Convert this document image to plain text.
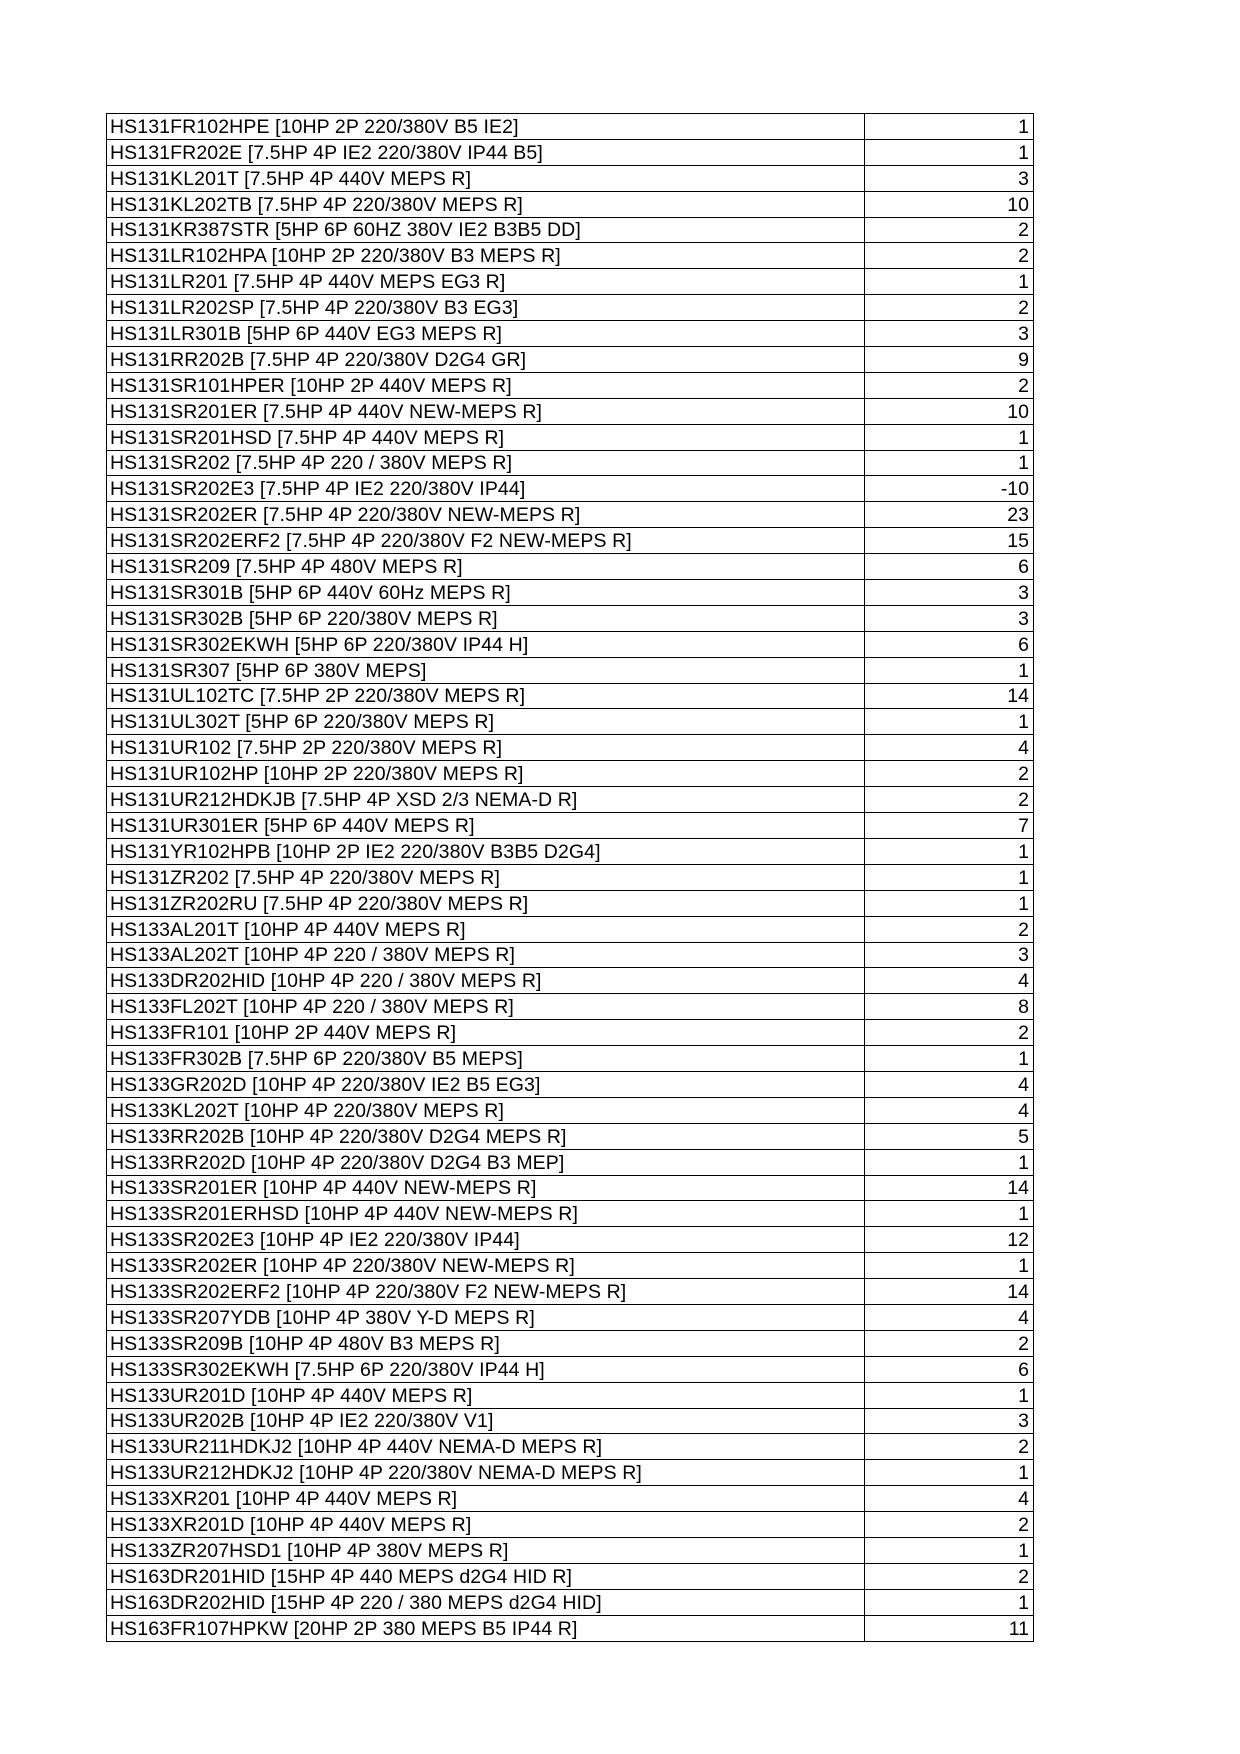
HS131FR102HPE [10HP 2P 220/380V B5 IE2]	1
HS131FR202E [7.5HP 4P IE2 220/380V IP44 B5]	1
HS131KL201T [7.5HP 4P 440V MEPS R]	3
HS131KL202TB [7.5HP 4P 220/380V MEPS R]	10
HS131KR387STR [5HP 6P 60HZ 380V IE2 B3B5 DD]	2
HS131LR102HPA [10HP 2P 220/380V B3 MEPS R]	2
HS131LR201 [7.5HP 4P 440V MEPS EG3 R]	1
HS131LR202SP [7.5HP 4P 220/380V B3 EG3]	2
HS131LR301B [5HP 6P 440V EG3 MEPS R]	3
HS131RR202B [7.5HP 4P 220/380V D2G4 GR]	9
HS131SR101HPER [10HP 2P 440V MEPS R]	2
HS131SR201ER [7.5HP 4P 440V NEW-MEPS R]	10
HS131SR201HSD [7.5HP 4P 440V MEPS R]	1
HS131SR202 [7.5HP 4P 220 / 380V MEPS R]	1
HS131SR202E3 [7.5HP 4P IE2 220/380V IP44]	-10
HS131SR202ER [7.5HP 4P 220/380V NEW-MEPS R]	23
HS131SR202ERF2 [7.5HP 4P 220/380V F2 NEW-MEPS R]	15
HS131SR209 [7.5HP 4P 480V MEPS R]	6
HS131SR301B [5HP 6P 440V 60Hz MEPS R]	3
HS131SR302B [5HP 6P 220/380V MEPS R]	3
HS131SR302EKWH [5HP 6P 220/380V IP44 H]	6
HS131SR307 [5HP 6P 380V MEPS]	1
HS131UL102TC [7.5HP 2P 220/380V MEPS R]	14
HS131UL302T [5HP 6P 220/380V MEPS R]	1
HS131UR102 [7.5HP 2P 220/380V MEPS R]	4
HS131UR102HP [10HP 2P 220/380V MEPS R]	2
HS131UR212HDKJB [7.5HP 4P XSD 2/3 NEMA-D R]	2
HS131UR301ER [5HP 6P 440V MEPS R]	7
HS131YR102HPB [10HP 2P IE2 220/380V B3B5 D2G4]	1
HS131ZR202 [7.5HP 4P 220/380V MEPS R]	1
HS131ZR202RU [7.5HP 4P 220/380V MEPS R]	1
HS133AL201T [10HP 4P 440V MEPS R]	2
HS133AL202T [10HP 4P 220 / 380V MEPS R]	3
HS133DR202HID [10HP 4P 220 / 380V MEPS R]	4
HS133FL202T [10HP 4P 220 / 380V MEPS R]	8
HS133FR101 [10HP 2P 440V MEPS R]	2
HS133FR302B [7.5HP 6P 220/380V B5 MEPS]	1
HS133GR202D [10HP 4P 220/380V IE2 B5 EG3]	4
HS133KL202T [10HP 4P 220/380V MEPS R]	4
HS133RR202B [10HP 4P 220/380V D2G4 MEPS R]	5
HS133RR202D [10HP 4P 220/380V D2G4 B3 MEP]	1
HS133SR201ER [10HP 4P 440V NEW-MEPS R]	14
HS133SR201ERHSD [10HP 4P 440V NEW-MEPS R]	1
HS133SR202E3 [10HP 4P IE2 220/380V IP44]	12
HS133SR202ER [10HP 4P 220/380V NEW-MEPS R]	1
HS133SR202ERF2 [10HP 4P 220/380V F2 NEW-MEPS R]	14
HS133SR207YDB [10HP 4P 380V Y-D MEPS R]	4
HS133SR209B [10HP 4P 480V B3 MEPS R]	2
HS133SR302EKWH [7.5HP 6P 220/380V IP44 H]	6
HS133UR201D [10HP 4P 440V MEPS R]	1
HS133UR202B [10HP 4P IE2 220/380V V1]	3
HS133UR211HDKJ2 [10HP 4P 440V NEMA-D MEPS R]	2
HS133UR212HDKJ2 [10HP 4P 220/380V NEMA-D MEPS R]	1
HS133XR201 [10HP 4P 440V MEPS R]	4
HS133XR201D [10HP 4P 440V MEPS R]	2
HS133ZR207HSD1 [10HP 4P 380V MEPS R]	1
HS163DR201HID [15HP 4P 440 MEPS d2G4 HID R]	2
HS163DR202HID [15HP 4P 220 / 380 MEPS d2G4 HID]	1
HS163FR107HPKW [20HP 2P 380 MEPS B5 IP44 R]	11
